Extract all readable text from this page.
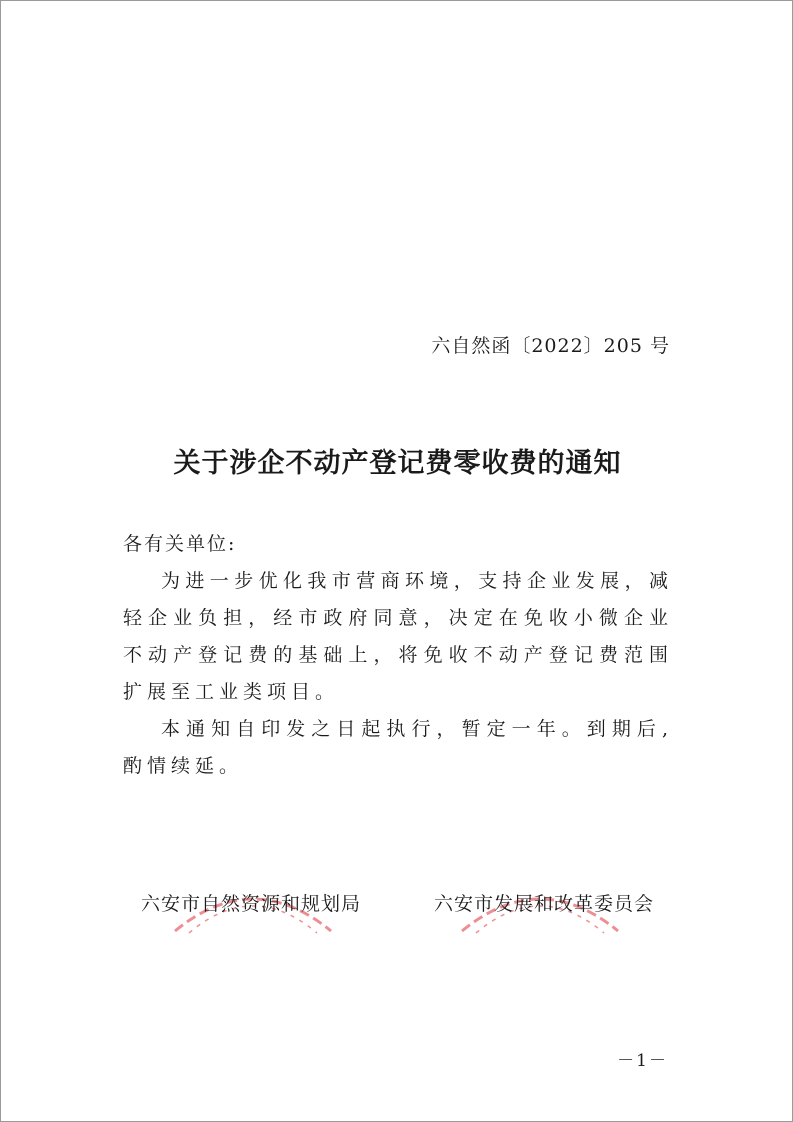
六自然函〔2022〕205 号
关于涉企不动产登记费零收费的通知
各有关单位:

为进一步优化我市营商环境，支持企业发展，减轻企业负担，经市政府同意，决定在免收小微企业不动产登记费的基础上，将免收不动产登记费范围扩展至工业类项目。

本通知自印发之日起执行，暂定一年。到期后,酌情续延。

六安市自然资源和规划局	六安市发展和改革委员会
－1－
